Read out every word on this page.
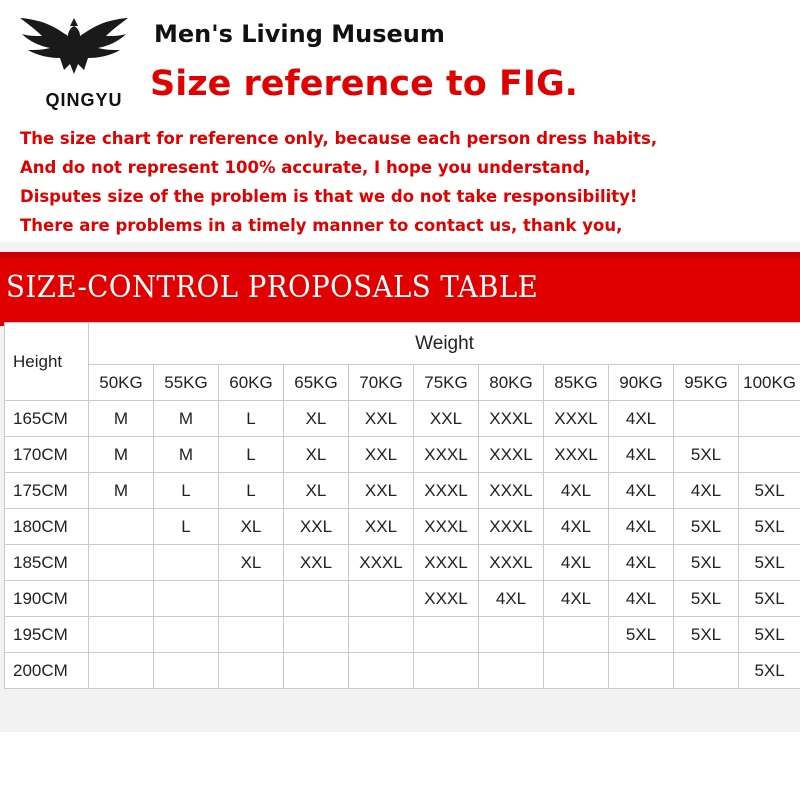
QINGYU
Men's Living Museum
Size reference to FIG.
The size chart for reference only, because each person dress habits,
And do not represent 100% accurate, I hope you understand,
Disputes size of the problem is that we do not take responsibility!
There are problems in a timely manner to contact us, thank you,
SIZE-CONTROL PROPOSALS TABLE
Height	Weight										
	50KG	55KG	60KG	65KG	70KG	75KG	80KG	85KG	90KG	95KG	100KG
165CM	M	M	L	XL	XXL	XXL	XXXL	XXXL	4XL		
170CM	M	M	L	XL	XXL	XXXL	XXXL	XXXL	4XL	5XL	
175CM	M	L	L	XL	XXL	XXXL	XXXL	4XL	4XL	4XL	5XL
180CM		L	XL	XXL	XXL	XXXL	XXXL	4XL	4XL	5XL	5XL
185CM			XL	XXL	XXXL	XXXL	XXXL	4XL	4XL	5XL	5XL
190CM						XXXL	4XL	4XL	4XL	5XL	5XL
195CM									5XL	5XL	5XL
200CM											5XL
